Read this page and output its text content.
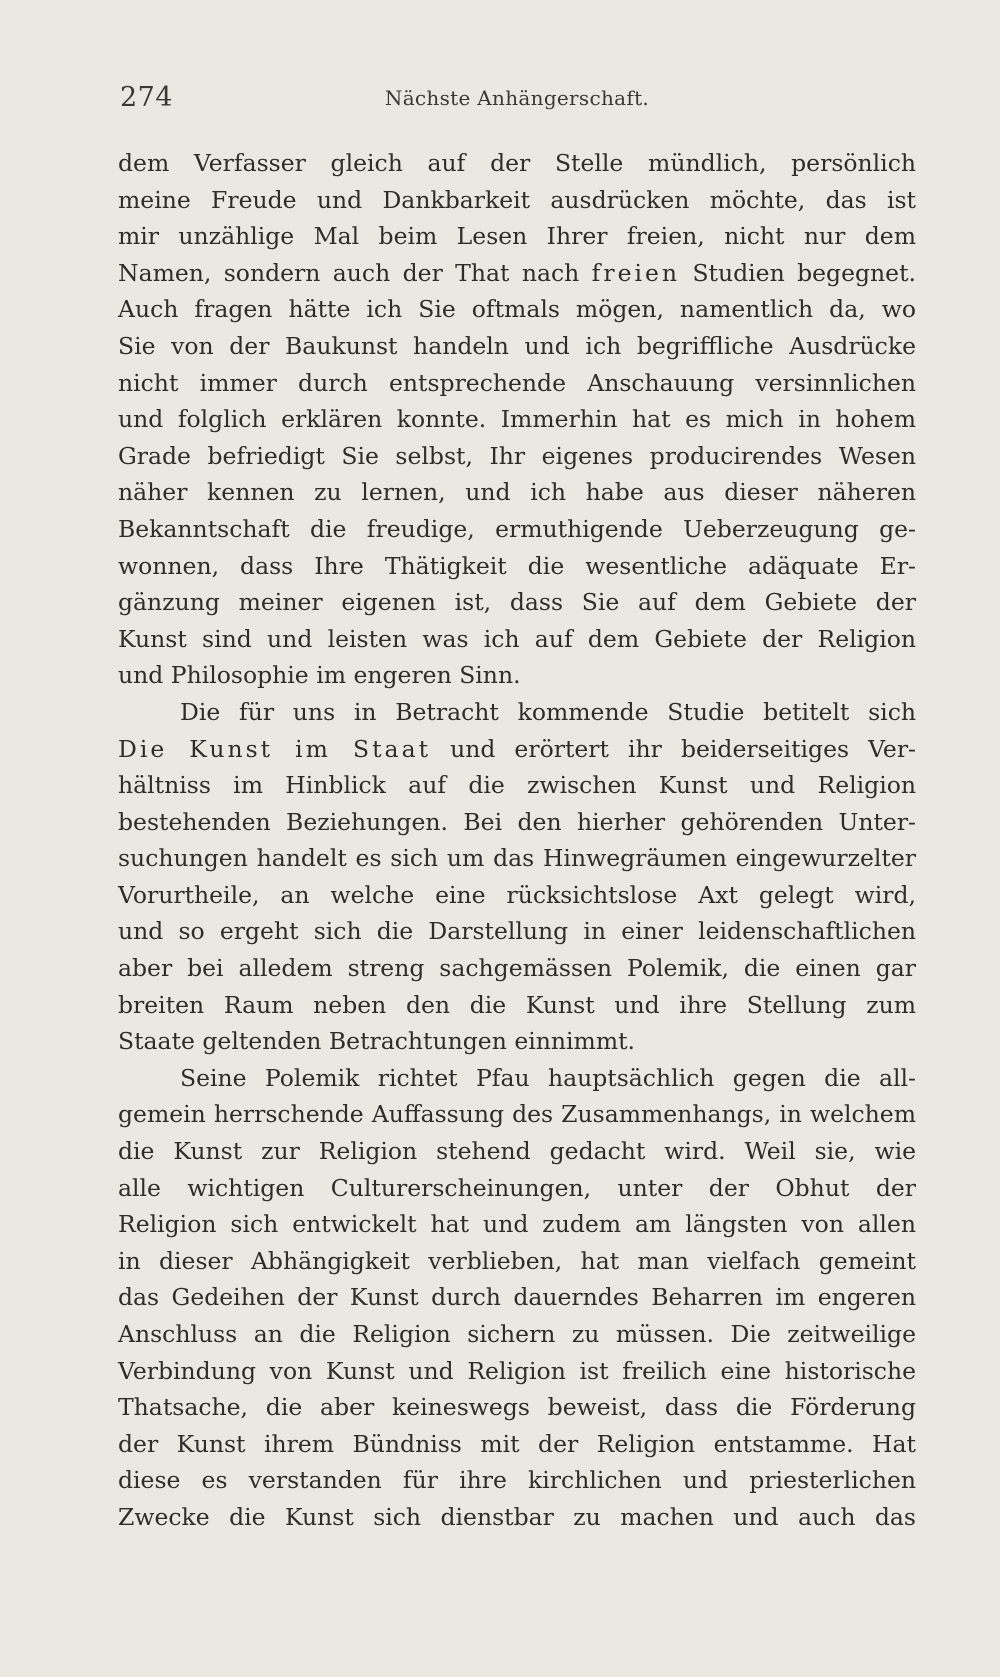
274	Nächste Anhängerschaft.
dem Verfasser gleich auf der Stelle mündlich, persönlich
meine Freude und Dankbarkeit ausdrücken möchte, das ist
mir unzählige Mal beim Lesen Ihrer freien, nicht nur dem
Namen, sondern auch der That nach freien Studien begegnet.
Auch fragen hätte ich Sie oftmals mögen, namentlich da, wo
Sie von der Baukunst handeln und ich begriffliche Ausdrücke
nicht immer durch entsprechende Anschauung versinnlichen
und folglich erklären konnte. Immerhin hat es mich in hohem
Grade befriedigt Sie selbst, Ihr eigenes producirendes Wesen
näher kennen zu lernen, und ich habe aus dieser näheren
Bekanntschaft die freudige, ermuthigende Ueberzeugung ge-
wonnen, dass Ihre Thätigkeit die wesentliche adäquate Er-
gänzung meiner eigenen ist, dass Sie auf dem Gebiete der
Kunst sind und leisten was ich auf dem Gebiete der Religion
und Philosophie im engeren Sinn.
Die für uns in Betracht kommende Studie betitelt sich
Die Kunst im Staat und erörtert ihr beiderseitiges Ver-
hältniss im Hinblick auf die zwischen Kunst und Religion
bestehenden Beziehungen. Bei den hierher gehörenden Unter-
suchungen handelt es sich um das Hinwegräumen eingewurzelter
Vorurtheile, an welche eine rücksichtslose Axt gelegt wird,
und so ergeht sich die Darstellung in einer leidenschaftlichen
aber bei alledem streng sachgemässen Polemik, die einen gar
breiten Raum neben den die Kunst und ihre Stellung zum
Staate geltenden Betrachtungen einnimmt.
Seine Polemik richtet Pfau hauptsächlich gegen die all-
gemein herrschende Auffassung des Zusammenhangs, in welchem
die Kunst zur Religion stehend gedacht wird. Weil sie, wie
alle wichtigen Culturerscheinungen, unter der Obhut der
Religion sich entwickelt hat und zudem am längsten von allen
in dieser Abhängigkeit verblieben, hat man vielfach gemeint
das Gedeihen der Kunst durch dauerndes Beharren im engeren
Anschluss an die Religion sichern zu müssen. Die zeitweilige
Verbindung von Kunst und Religion ist freilich eine historische
Thatsache, die aber keineswegs beweist, dass die Förderung
der Kunst ihrem Bündniss mit der Religion entstamme. Hat
diese es verstanden für ihre kirchlichen und priesterlichen
Zwecke die Kunst sich dienstbar zu machen und auch das
